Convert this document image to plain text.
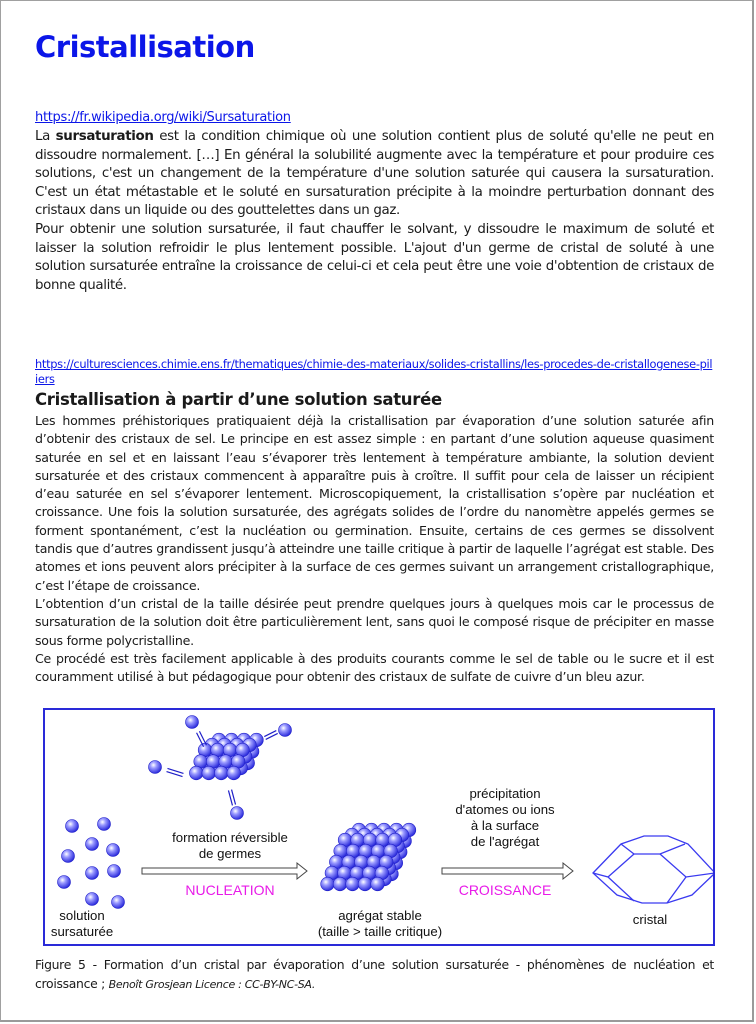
Cristallisation
https://fr.wikipedia.org/wiki/Sursaturation

La sursaturation est la condition chimique où une solution contient plus de soluté qu'elle ne peut en dissoudre normalement. […] En général la solubilité augmente avec la température et pour produire ces solutions, c'est un changement de la température d'une solution saturée qui causera la sursaturation. C'est un état métastable et le soluté en sursaturation précipite à la moindre perturbation donnant des cristaux dans un liquide ou des gouttelettes dans un gaz.

Pour obtenir une solution sursaturée, il faut chauffer le solvant, y dissoudre le maximum de soluté et laisser la solution refroidir le plus lentement possible. L'ajout d'un germe de cristal de soluté à une solution sursaturée entraîne la croissance de celui-ci et cela peut être une voie d'obtention de cristaux de bonne qualité.

https://culturesciences.chimie.ens.fr/thematiques/chimie-des-materiaux/solides-cristallins/les-procedes-de-cristallogenese-piliers
Cristallisation à partir d’une solution saturée

Les hommes préhistoriques pratiquaient déjà la cristallisation par évaporation d’une solution saturée afin d’obtenir des cristaux de sel. Le principe en est assez simple : en partant d’une solution aqueuse quasiment saturée en sel et en laissant l’eau s’évaporer très lentement à température ambiante, la solution devient sursaturée et des cristaux commencent à apparaître puis à croître. Il suffit pour cela de laisser un récipient d’eau saturée en sel s’évaporer lentement. Microscopiquement, la cristallisation s’opère par nucléation et croissance. Une fois la solution sursaturée, des agrégats solides de l’ordre du nanomètre appelés germes se forment spontanément, c’est la nucléation ou germination. Ensuite, certains de ces germes se dissolvent tandis que d’autres grandissent jusqu’à atteindre une taille critique à partir de laquelle l’agrégat est stable. Des atomes et ions peuvent alors précipiter à la surface de ces germes suivant un arrangement cristallographique, c’est l’étape de croissance.

L’obtention d’un cristal de la taille désirée peut prendre quelques jours à quelques mois car le processus de sursaturation de la solution doit être particulièrement lent, sans quoi le composé risque de précipiter en masse sous forme polycristalline.

Ce procédé est très facilement applicable à des produits courants comme le sel de table ou le sucre et il est couramment utilisé à but pédagogique pour obtenir des cristaux de sulfate de cuivre d’un bleu azur.

solution
sursaturée
formation réversible
de germes
NUCLEATION
agrégat stable
(taille > taille critique)
précipitation
d'atomes ou ions
à la surface
de l'agrégat
CROISSANCE
cristal
Figure 5 - Formation d’un cristal par évaporation d’une solution sursaturée - phénomènes de nucléation et croissance ; Benoît Grosjean Licence : CC-BY-NC-SA.
